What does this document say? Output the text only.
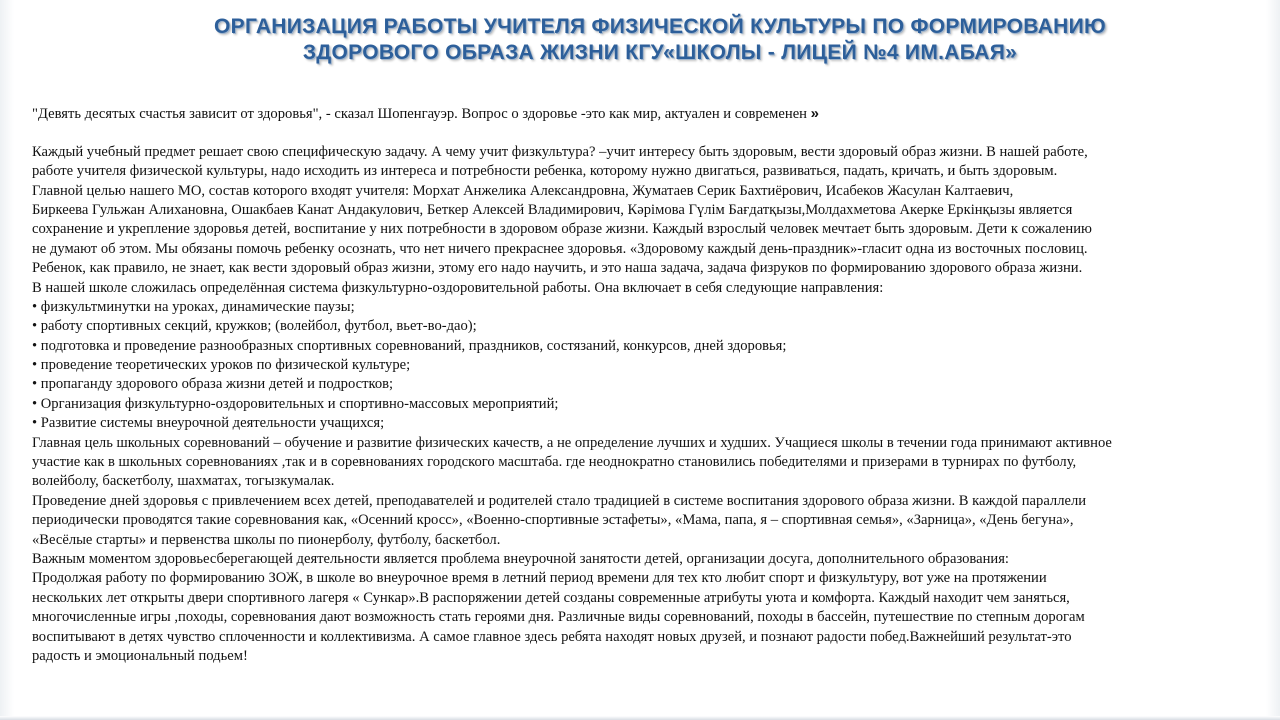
ОРГАНИЗАЦИЯ РАБОТЫ УЧИТЕЛЯ ФИЗИЧЕСКОЙ КУЛЬТУРЫ ПО ФОРМИРОВАНИЮ
ЗДОРОВОГО ОБРАЗА ЖИЗНИ КГУ«ШКОЛЫ - ЛИЦЕЙ №4 ИМ.АБАЯ»
"Девять десятых счастья зависит от здоровья", - сказал Шопенгауэр. Вопрос о здоровье -это как мир, актуален и современен »
Каждый учебный предмет решает свою специфическую задачу. А чему учит физкультура? –учит интересу быть здоровым, вести здоровый образ жизни. В нашей работе,
работе учителя физической культуры, надо исходить из интереса и потребности ребенка, которому нужно двигаться, развиваться, падать, кричать, и быть здоровым.
Главной целью нашего МО, состав которого входят учителя: Морхат Анжелика Александровна, Жуматаев Серик Бахтиёрович, Исабеков Жасулан Калтаевич,
Биркеева Гульжан Алихановна, Ошакбаев Канат Андакулович, Беткер Алексей Владимирович, Кәрімова Гүлім Бағдатқызы,Молдахметова Акерке Еркінқызы является
сохранение и укрепление здоровья детей, воспитание у них потребности в здоровом образе жизни. Каждый взрослый человек мечтает быть здоровым. Дети к сожалению
не думают об этом. Мы обязаны помочь ребенку осознать, что нет ничего прекраснее здоровья. «Здоровому каждый день-праздник»-гласит одна из восточных пословиц.
Ребенок, как правило, не знает, как вести здоровый образ жизни, этому его надо научить, и это наша задача, задача физруков по формированию здорового образа жизни.
В нашей школе сложилась определённая система физкультурно-оздоровительной работы. Она включает в себя следующие направления:
• физкультминутки на уроках, динамические паузы;
• работу спортивных секций, кружков; (волейбол, футбол, вьет-во-дао);
• подготовка и проведение разнообразных спортивных соревнований, праздников, состязаний, конкурсов, дней здоровья;
• проведение теоретических уроков по физической культуре;
• пропаганду здорового образа жизни детей и подростков;
• Организация физкультурно-оздоровительных и спортивно-массовых мероприятий;
• Развитие системы внеурочной деятельности учащихся;
Главная цель школьных соревнований – обучение и развитие физических качеств, а не определение лучших и худших. Учащиеся школы в течении года принимают активное
участие как в школьных соревнованиях ,так и в соревнованиях городского масштаба. где неоднократно становились победителями и призерами в турнирах по футболу,
волейболу, баскетболу, шахматах, тогызкумалак.
Проведение дней здоровья с привлечением всех детей, преподавателей и родителей стало традицией в системе воспитания здорового образа жизни. В каждой параллели
периодически проводятся такие соревнования как, «Осенний кросс», «Военно-спортивные эстафеты», «Мама, папа, я – спортивная семья», «Зарница», «День бегуна»,
«Весёлые старты» и первенства школы по пионерболу, футболу, баскетбол.
Важным моментом здоровьесберегающей деятельности является проблема внеурочной занятости детей, организации досуга, дополнительного образования:
Продолжая работу по формированию ЗОЖ, в школе во внеурочное время в летний период времени для тех кто любит спорт и физкультуру, вот уже на протяжении
нескольких лет открыты двери спортивного лагеря « Сункар».В распоряжении детей созданы современные атрибуты уюта и комфорта. Каждый находит чем заняться,
многочисленные игры ,походы, соревнования дают возможность стать героями дня. Различные виды соревнований, походы в бассейн, путешествие по степным дорогам
воспитывают в детях чувство сплоченности и коллективизма. А самое главное здесь ребята находят новых друзей, и познают радости побед.Важнейший результат-это
радость и эмоциональный подьем!
